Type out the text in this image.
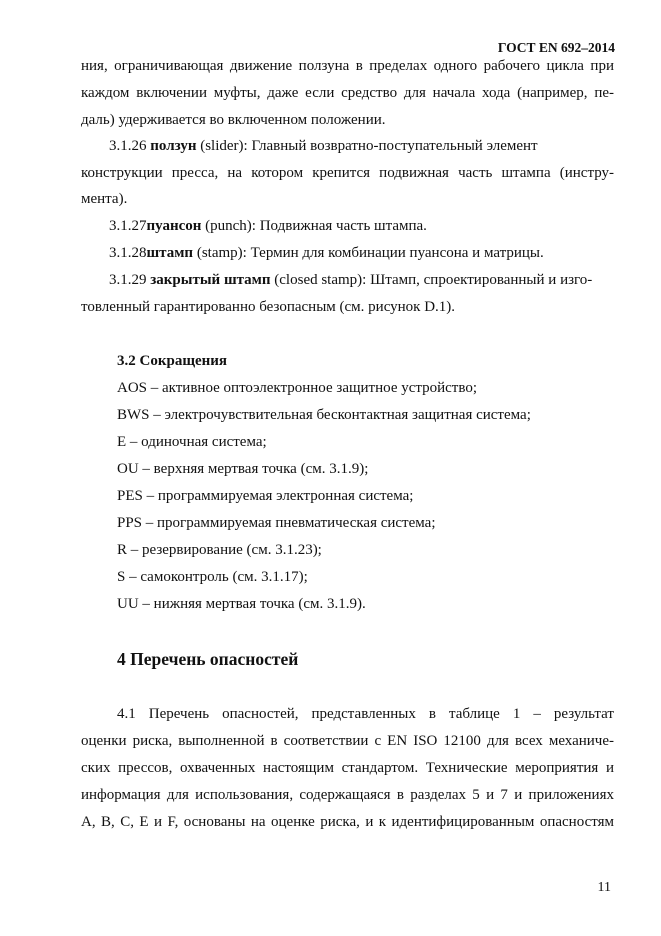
ГОСТ EN 692–2014
ния, ограничивающая движение ползуна в пределах одного рабочего цикла при
каждом включении муфты, даже если средство для начала хода (например, пе-
даль) удерживается во включенном положении.
3.1.26 ползун (slider): Главный возвратно-поступательный элемент
конструкции пресса, на котором крепится подвижная часть штампа (инстру-
мента).
3.1.27пуансон (punch): Подвижная часть штампа.
3.1.28штамп (stamp): Термин для комбинации пуансона и матрицы.
3.1.29 закрытый штамп (closed stamp): Штамп, спроектированный и изго-
товленный гарантированно безопасным (см. рисунок D.1).
3.2 Сокращения
AOS – активное оптоэлектронное защитное устройство;
BWS – электрочувствительная бесконтактная защитная система;
E – одиночная система;
OU – верхняя мертвая точка (см. 3.1.9);
PES – программируемая электронная система;
PPS – программируемая пневматическая система;
R – резервирование (см. 3.1.23);
S – самоконтроль (см. 3.1.17);
UU – нижняя мертвая точка (см. 3.1.9).
4 Перечень опасностей
4.1 Перечень опасностей, представленных в таблице 1 – результат
оценки риска, выполненной в соответствии с EN ISO 12100 для всех механиче-
ских прессов, охваченных настоящим стандартом. Технические мероприятия и
информация для использования, содержащаяся в разделах 5 и 7 и приложениях
A, B, C, E и F, основаны на оценке риска, и к идентифицированным опасностям
11
